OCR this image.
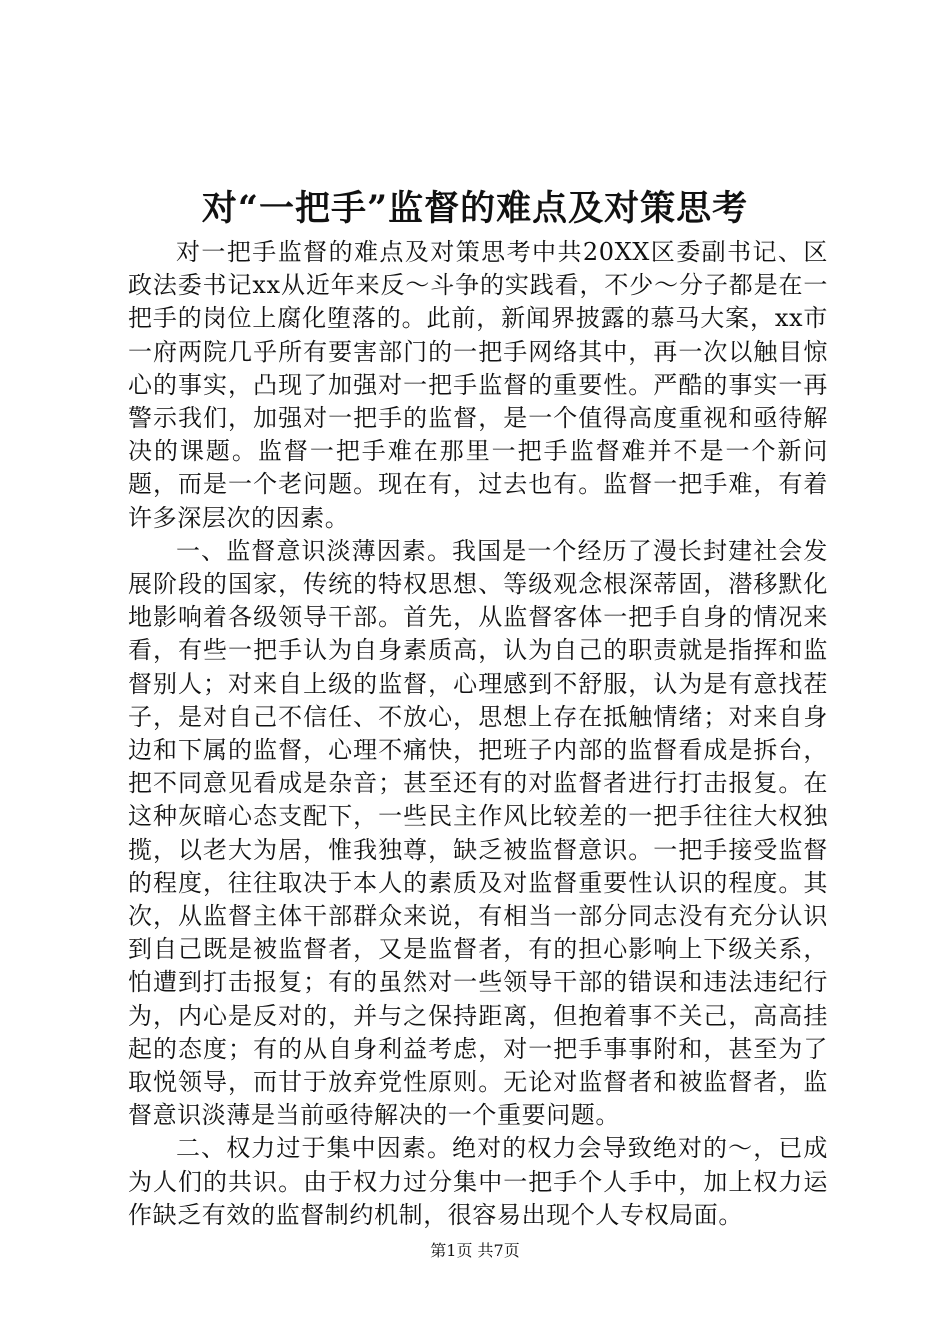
对“一把手”监督的难点及对策思考

对一把手监督的难点及对策思考中共20XX区委副书记、区政法委书记xx从近年来反～斗争的实践看，不少～分子都是在一把手的岗位上腐化堕落的。此前，新闻界披露的慕马大案，xx市一府两院几乎所有要害部门的一把手网络其中，再一次以触目惊心的事实，凸现了加强对一把手监督的重要性。严酷的事实一再警示我们，加强对一把手的监督，是一个值得高度重视和亟待解决的课题。监督一把手难在那里一把手监督难并不是一个新问题，而是一个老问题。现在有，过去也有。监督一把手难，有着许多深层次的因素。

一、监督意识淡薄因素。我国是一个经历了漫长封建社会发展阶段的国家，传统的特权思想、等级观念根深蒂固，潜移默化地影响着各级领导干部。首先，从监督客体一把手自身的情况来看，有些一把手认为自身素质高，认为自己的职责就是指挥和监督别人；对来自上级的监督，心理感到不舒服，认为是有意找茬子，是对自己不信任、不放心，思想上存在抵触情绪；对来自身边和下属的监督，心理不痛快，把班子内部的监督看成是拆台，把不同意见看成是杂音；甚至还有的对监督者进行打击报复。在这种灰暗心态支配下，一些民主作风比较差的一把手往往大权独揽，以老大为居，惟我独尊，缺乏被监督意识。一把手接受监督的程度，往往取决于本人的素质及对监督重要性认识的程度。其次，从监督主体干部群众来说，有相当一部分同志没有充分认识到自己既是被监督者，又是监督者，有的担心影响上下级关系，怕遭到打击报复；有的虽然对一些领导干部的错误和违法违纪行为，内心是反对的，并与之保持距离，但抱着事不关己，高高挂起的态度；有的从自身利益考虑，对一把手事事附和，甚至为了取悦领导，而甘于放弃党性原则。无论对监督者和被监督者，监督意识淡薄是当前亟待解决的一个重要问题。

二、权力过于集中因素。绝对的权力会导致绝对的～，已成为人们的共识。由于权力过分集中一把手个人手中，加上权力运作缺乏有效的监督制约机制，很容易出现个人专权局面。

第1页 共7页
